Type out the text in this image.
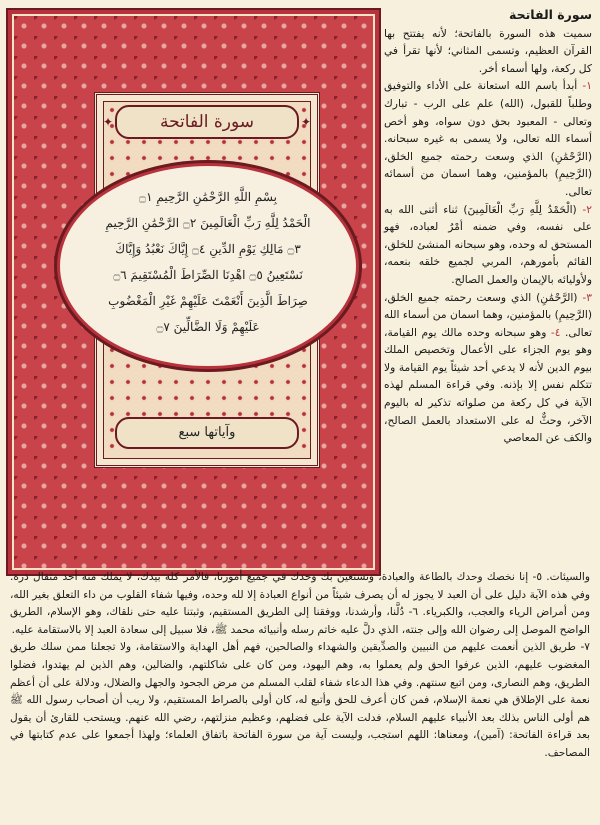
✦ سورة الفاتحة ✦
بِسْمِ اللَّهِ الرَّحْمَٰنِ الرَّحِيمِ ۝١
الْحَمْدُ لِلَّهِ رَبِّ الْعَالَمِينَ ۝٢ الرَّحْمَٰنِ الرَّحِيمِ
۝٣ مَالِكِ يَوْمِ الدِّينِ ۝٤ إِيَّاكَ نَعْبُدُ وَإِيَّاكَ
نَسْتَعِينُ ۝٥ اهْدِنَا الصِّرَاطَ الْمُسْتَقِيمَ ۝٦
صِرَاطَ الَّذِينَ أَنْعَمْتَ عَلَيْهِمْ غَيْرِ الْمَغْضُوبِ
عَلَيْهِمْ وَلَا الضَّالِّينَ ۝٧
وآياتها سبع
سورة الفاتحة

سميت هذه السورة بالفاتحة؛ لأنه يفتتح بها القرآن العظيم، وتسمى المثاني؛ لأنها تقرأ في كل ركعة، ولها أسماء أخر.

١- أبدأ باسم الله استعانة على الأداء والتوفيق وطلباً للقبول، (الله) علم على الرب - تبارك وتعالى - المعبود بحق دون سواه، وهو أخص أسماء الله تعالى، ولا يسمى به غيره سبحانه. (الرَّحْمَٰنِ) الذي وسعت رحمته جميع الخلق، (الرَّحِيمِ) بالمؤمنين، وهما اسمان من أسمائه تعالى.

٢- (الْحَمْدُ لِلَّهِ رَبِّ الْعَالَمِينَ) ثناء أثنى الله به على نفسه، وفي ضمنه أمْرُ لعباده، فهو المستحق له وحده، وهو سبحانه المنشئ للخلق، القائم بأمورهم، المربي لجميع خلقه بنعمه، ولأوليائه بالإيمان والعمل الصالح.

٣- (الرَّحْمَٰنِ) الذي وسعت رحمته جميع الخلق، (الرَّحِيمِ) بالمؤمنين، وهما اسمان من أسماء الله تعالى. ٤- وهو سبحانه وحده مالك يوم القيامة، وهو يوم الجزاء على الأعمال وتخصيص الملك بيوم الدين لأنه لا يدعي أحد شيئاً يوم القيامة ولا تتكلم نفس إلا بإذنه. وفي قراءة المسلم لهذه الآية في كل ركعة من صلواته تذكير له باليوم الآخر، وحثٌّ له على الاستعداد بالعمل الصالح، والكف عن المعاصي

والسيئات. ٥- إنا نخصك وحدك بالطاعة والعبادة، ونستعين بك وحدك في جميع أمورنا، فالأمر كله بيدك، لا يملك منه أحد مثقال ذرة. وفي هذه الآية دليل على أن العبد لا يجوز له أن يصرف شيئاً من أنواع العبادة إلا لله وحده، وفيها شفاء القلوب من داء التعلق بغير الله، ومن أمراض الرياء والعجب، والكبرياء. ٦- دُلَّنا، وأرشدنا، ووفقنا إلى الطريق المستقيم، وثبتنا عليه حتى نلقاك، وهو الإسلام، الطريق الواضح الموصل إلى رضوان الله وإلى جنته، الذي دلَّ عليه خاتم رسله وأنبيائه محمد ﷺ، فلا سبيل إلى سعادة العبد إلا بالاستقامة عليه.

٧- طريق الذين أنعمت عليهم من النبيين والصدِّيقين والشهداء والصالحين، فهم أهل الهداية والاستقامة، ولا تجعلنا ممن سلك طريق المغضوب عليهم، الذين عرفوا الحق ولم يعملوا به، وهم اليهود، ومن كان على شاكلتهم، والضالين، وهم الذين لم يهتدوا، فضلوا الطريق، وهم النصارى، ومن اتبع سنتهم. وفي هذا الدعاء شفاء لقلب المسلم من مرض الجحود والجهل والضلال، ودلالة على أن أعظم نعمة على الإطلاق هي نعمة الإسلام، فمن كان أعرف للحق وأتبع له، كان أولى بالصراط المستقيم، ولا ريب أن أصحاب رسول الله ﷺ هم أولى الناس بذلك بعد الأنبياء عليهم السلام، فدلت الآية على فضلهم، وعظيم منزلتهم، رضي الله عنهم. ويستحب للقارئ أن يقول بعد قراءة الفاتحة: (آمين)، ومعناها: اللهم استجب، وليست آية من سورة الفاتحة باتفاق العلماء؛ ولهذا أجمعوا على عدم كتابتها في المصاحف.
